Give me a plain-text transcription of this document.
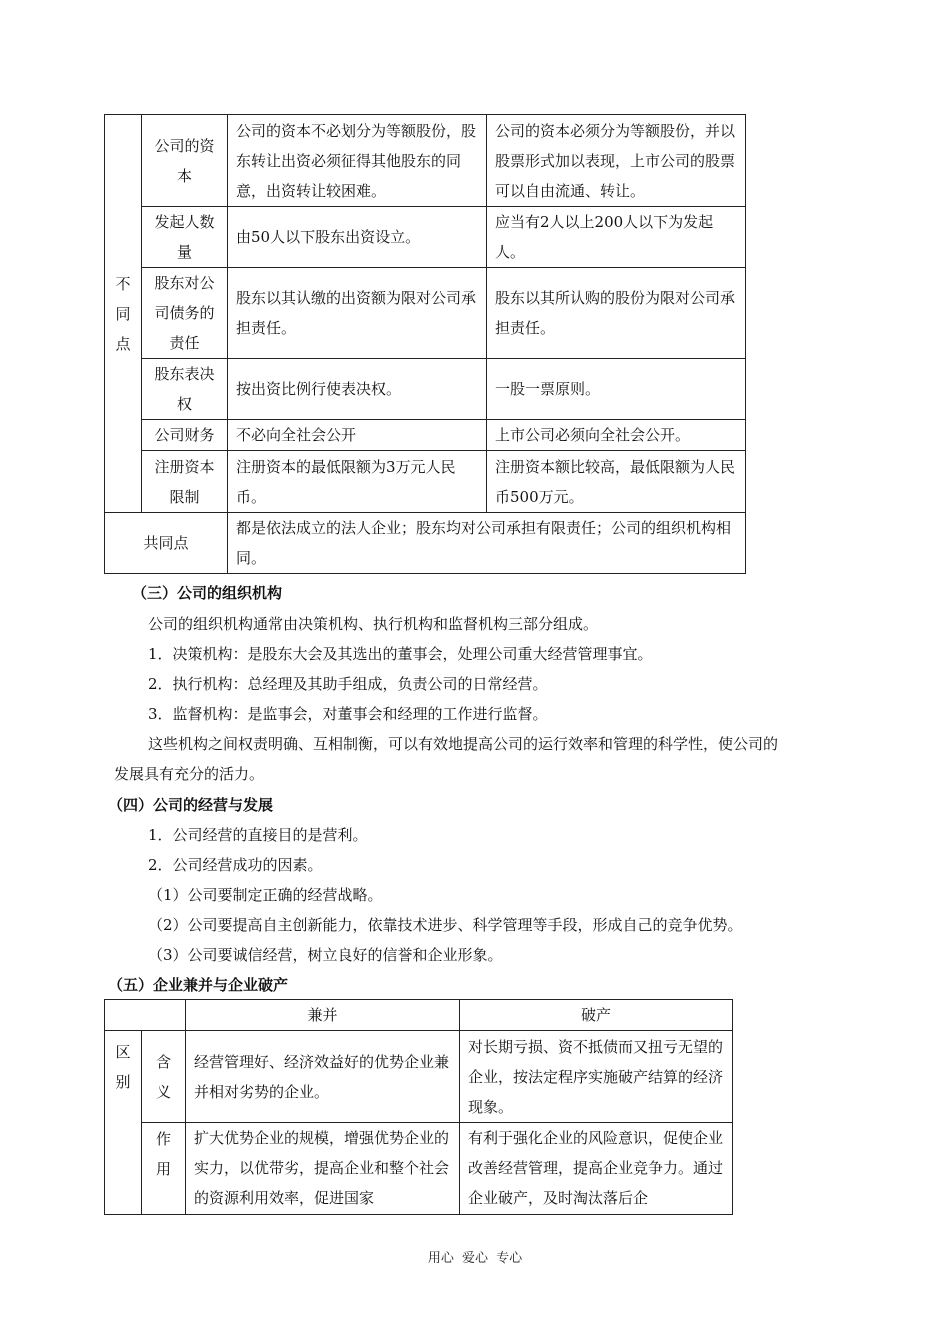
不同点	公司的资本	公司的资本不必划分为等额股份，股东转让出资必须征得其他股东的同意，出资转让较困难。	公司的资本必须分为等额股份，并以股票形式加以表现，上市公司的股票可以自由流通、转让。
	发起人数量	由50人以下股东出资设立。	应当有2人以上200人以下为发起人。
	股东对公司债务的责任	股东以其认缴的出资额为限对公司承担责任。	股东以其所认购的股份为限对公司承担责任。
	股东表决权	按出资比例行使表决权。	一股一票原则。
	公司财务	不必向全社会公开	上市公司必须向全社会公开。
	注册资本限制	注册资本的最低限额为3万元人民币。	注册资本额比较高，最低限额为人民币500万元。
共同点		都是依法成立的法人企业；股东均对公司承担有限责任；公司的组织机构相同。	
（三）公司的组织机构
公司的组织机构通常由决策机构、执行机构和监督机构三部分组成。
1．决策机构：是股东大会及其选出的董事会，处理公司重大经营管理事宜。
2．执行机构：总经理及其助手组成，负责公司的日常经营。
3．监督机构：是监事会，对董事会和经理的工作进行监督。
这些机构之间权责明确、互相制衡，可以有效地提高公司的运行效率和管理的科学性，使公司的
发展具有充分的活力。
（四）公司的经营与发展
1．公司经营的直接目的是营利。
2．公司经营成功的因素。
（1）公司要制定正确的经营战略。
（2）公司要提高自主创新能力，依靠技术进步、科学管理等手段，形成自己的竞争优势。
（3）公司要诚信经营，树立良好的信誉和企业形象。
（五）企业兼并与企业破产
		兼并	破产

区别	含义	经营管理好、经济效益好的优势企业兼并相对劣势的企业。	对长期亏损、资不抵债而又扭亏无望的企业，按法定程序实施破产结算的经济现象。

	作用	扩大优势企业的规模，增强优势企业的实力，以优带劣，提高企业和整个社会的资源利用效率，促进国家	有利于强化企业的风险意识，促使企业改善经营管理，提高企业竞争力。通过企业破产，及时淘汰落后企
用心 爱心 专心
